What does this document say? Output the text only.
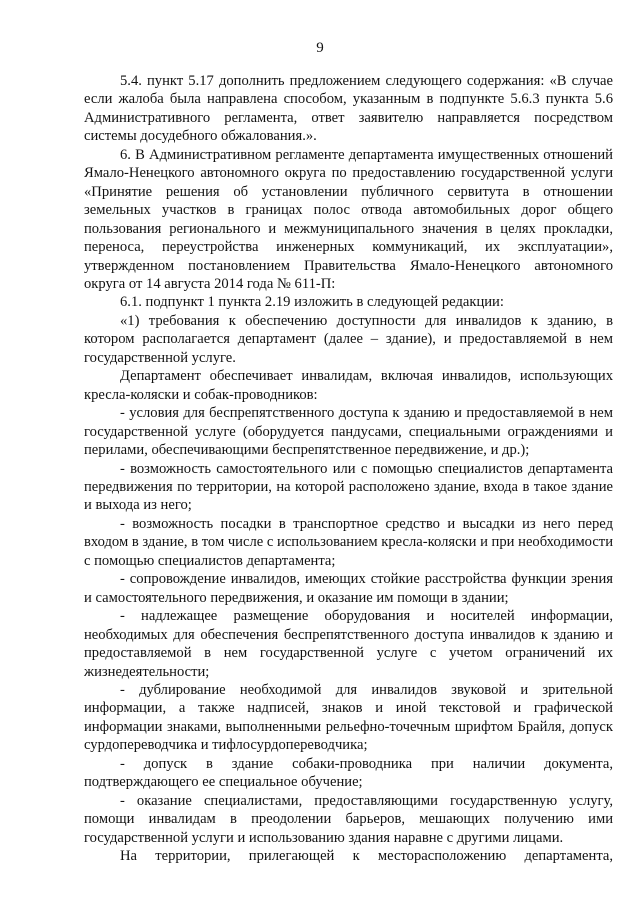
9

5.4. пункт 5.17 дополнить предложением следующего содержания: «В случае если жалоба была направлена способом, указанным в подпункте 5.6.3 пункта 5.6 Административного регламента, ответ заявителю направляется посредством системы досудебного обжалования.».

6. В Административном регламенте департамента имущественных отношений Ямало-Ненецкого автономного округа по предоставлению государственной услуги «Принятие решения об установлении публичного сервитута в отношении земельных участков в границах полос отвода автомобильных дорог общего пользования регионального и межмуниципального значения в целях прокладки, переноса, переустройства инженерных коммуникаций, их эксплуатации», утвержденном постановлением Правительства Ямало-Ненецкого автономного округа от 14 августа 2014 года № 611-П:

6.1. подпункт 1 пункта 2.19 изложить в следующей редакции:

«1) требования к обеспечению доступности для инвалидов к зданию, в котором располагается департамент (далее – здание), и предоставляемой в нем государственной услуге.

Департамент обеспечивает инвалидам, включая инвалидов, использующих кресла-коляски и собак-проводников:

- условия для беспрепятственного доступа к зданию и предоставляемой в нем государственной услуге (оборудуется пандусами, специальными ограждениями и перилами, обеспечивающими беспрепятственное передвижение, и др.);

- возможность самостоятельного или с помощью специалистов департамента передвижения по территории, на которой расположено здание, входа в такое здание и выхода из него;

- возможность посадки в транспортное средство и высадки из него перед входом в здание, в том числе с использованием кресла-коляски и при необходимости с помощью специалистов департамента;

- сопровождение инвалидов, имеющих стойкие расстройства функции зрения и самостоятельного передвижения, и оказание им помощи в здании;

- надлежащее размещение оборудования и носителей информации, необходимых для обеспечения беспрепятственного доступа инвалидов к зданию и предоставляемой в нем государственной услуге с учетом ограничений их жизнедеятельности;

- дублирование необходимой для инвалидов звуковой и зрительной информации, а также надписей, знаков и иной текстовой и графической информации знаками, выполненными рельефно-точечным шрифтом Брайля, допуск сурдопереводчика и тифлосурдопереводчика;

- допуск в здание собаки-проводника при наличии документа, подтверждающего ее специальное обучение;

- оказание специалистами, предоставляющими государственную услугу, помощи инвалидам в преодолении барьеров, мешающих получению ими государственной услуги и использованию здания наравне с другими лицами.

На территории, прилегающей к месторасположению департамента,
